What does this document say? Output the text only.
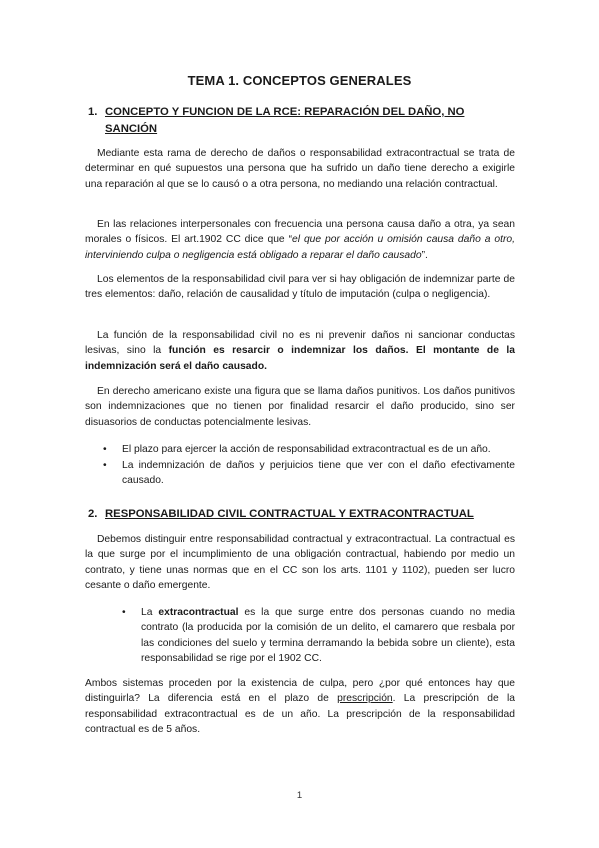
TEMA 1. CONCEPTOS GENERALES
1. CONCEPTO Y FUNCION DE LA RCE: REPARACIÓN DEL DAÑO, NO
SANCIÓN

Mediante esta rama de derecho de daños o responsabilidad extracontractual se trata de determinar en qué supuestos una persona que ha sufrido un daño tiene derecho a exigirle una reparación al que se lo causó o a otra persona, no mediando una relación contractual.

En las relaciones interpersonales con frecuencia una persona causa daño a otra, ya sean morales o físicos. El art.1902 CC dice que “el que por acción u omisión causa daño a otro, interviniendo culpa o negligencia está obligado a reparar el daño causado”.

Los elementos de la responsabilidad civil para ver si hay obligación de indemnizar parte de tres elementos: daño, relación de causalidad y título de imputación (culpa o negligencia).

La función de la responsabilidad civil no es ni prevenir daños ni sancionar conductas lesivas, sino la función es resarcir o indemnizar los daños. El montante de la indemnización será el daño causado.

En derecho americano existe una figura que se llama daños punitivos. Los daños punitivos son indemnizaciones que no tienen por finalidad resarcir el daño producido, sino ser disuasorios de conductas potencialmente lesivas.

• El plazo para ejercer la acción de responsabilidad extracontractual es de un año.
• La indemnización de daños y perjuicios tiene que ver con el daño efectivamente causado.
2. RESPONSABILIDAD CIVIL CONTRACTUAL Y EXTRACONTRACTUAL

Debemos distinguir entre responsabilidad contractual y extracontractual. La contractual es la que surge por el incumplimiento de una obligación contractual, habiendo por medio un contrato, y tiene unas normas que en el CC son los arts. 1101 y 1102), pueden ser lucro cesante o daño emergente.

• La extracontractual es la que surge entre dos personas cuando no media contrato (la producida por la comisión de un delito, el camarero que resbala por las condiciones del suelo y termina derramando la bebida sobre un cliente), esta responsabilidad se rige por el 1902 CC.

Ambos sistemas proceden por la existencia de culpa, pero ¿por qué entonces hay que distinguirla? La diferencia está en el plazo de prescripción. La prescripción de la responsabilidad extracontractual es de un año. La prescripción de la responsabilidad contractual es de 5 años.

1
